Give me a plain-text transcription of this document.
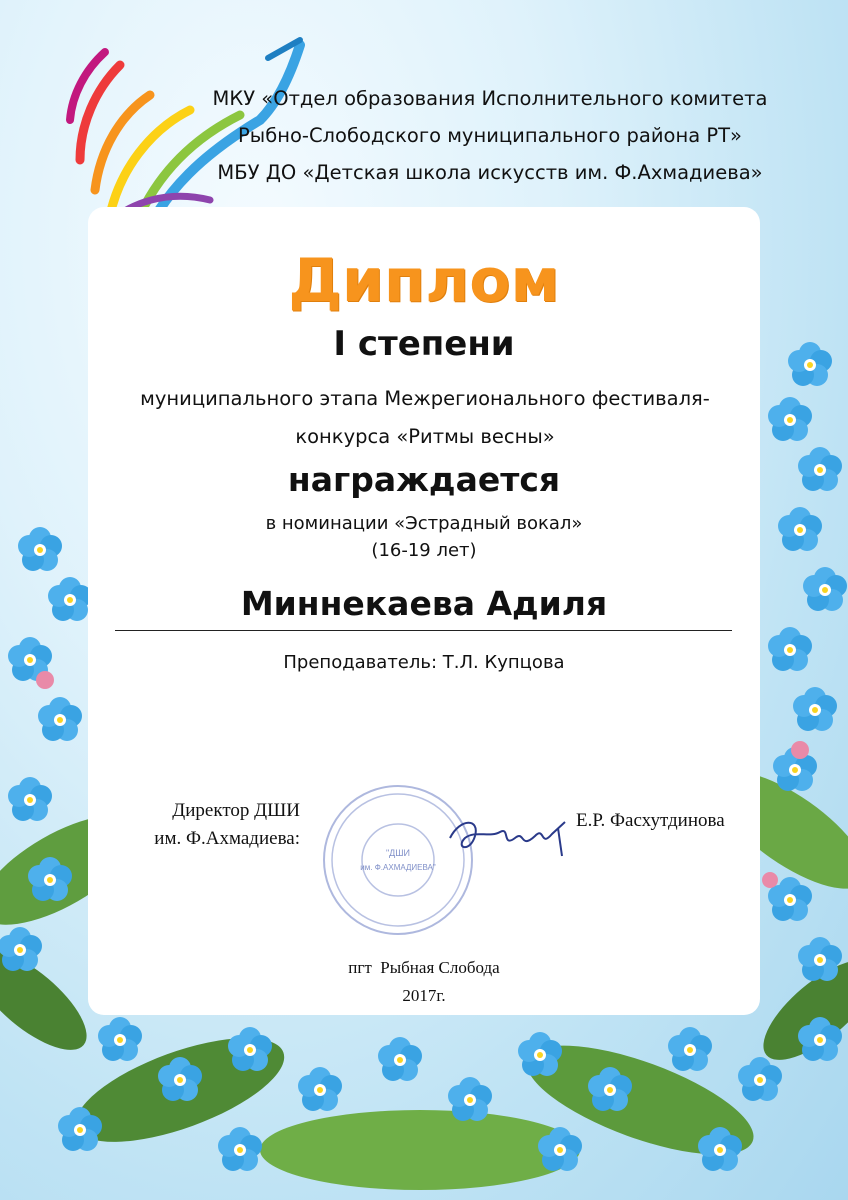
МКУ «Отдел образования Исполнительного комитета
Рыбно-Слободского муниципального района РТ»
МБУ ДО «Детская школа искусств им. Ф.Ахмадиева»
Диплом
I степени
муниципального этапа Межрегионального фестиваля-
конкурса «Ритмы весны»
награждается
в номинации «Эстрадный вокал»
(16-19 лет)
Миннекаева Адиля
Преподаватель: Т.Л. Купцова
Директор ДШИ
им. Ф.Ахмадиева:
"ДШИ
им. Ф.АХМАДИЕВА"
Е.Р. Фасхутдинова
пгт  Рыбная Слобода
2017г.
